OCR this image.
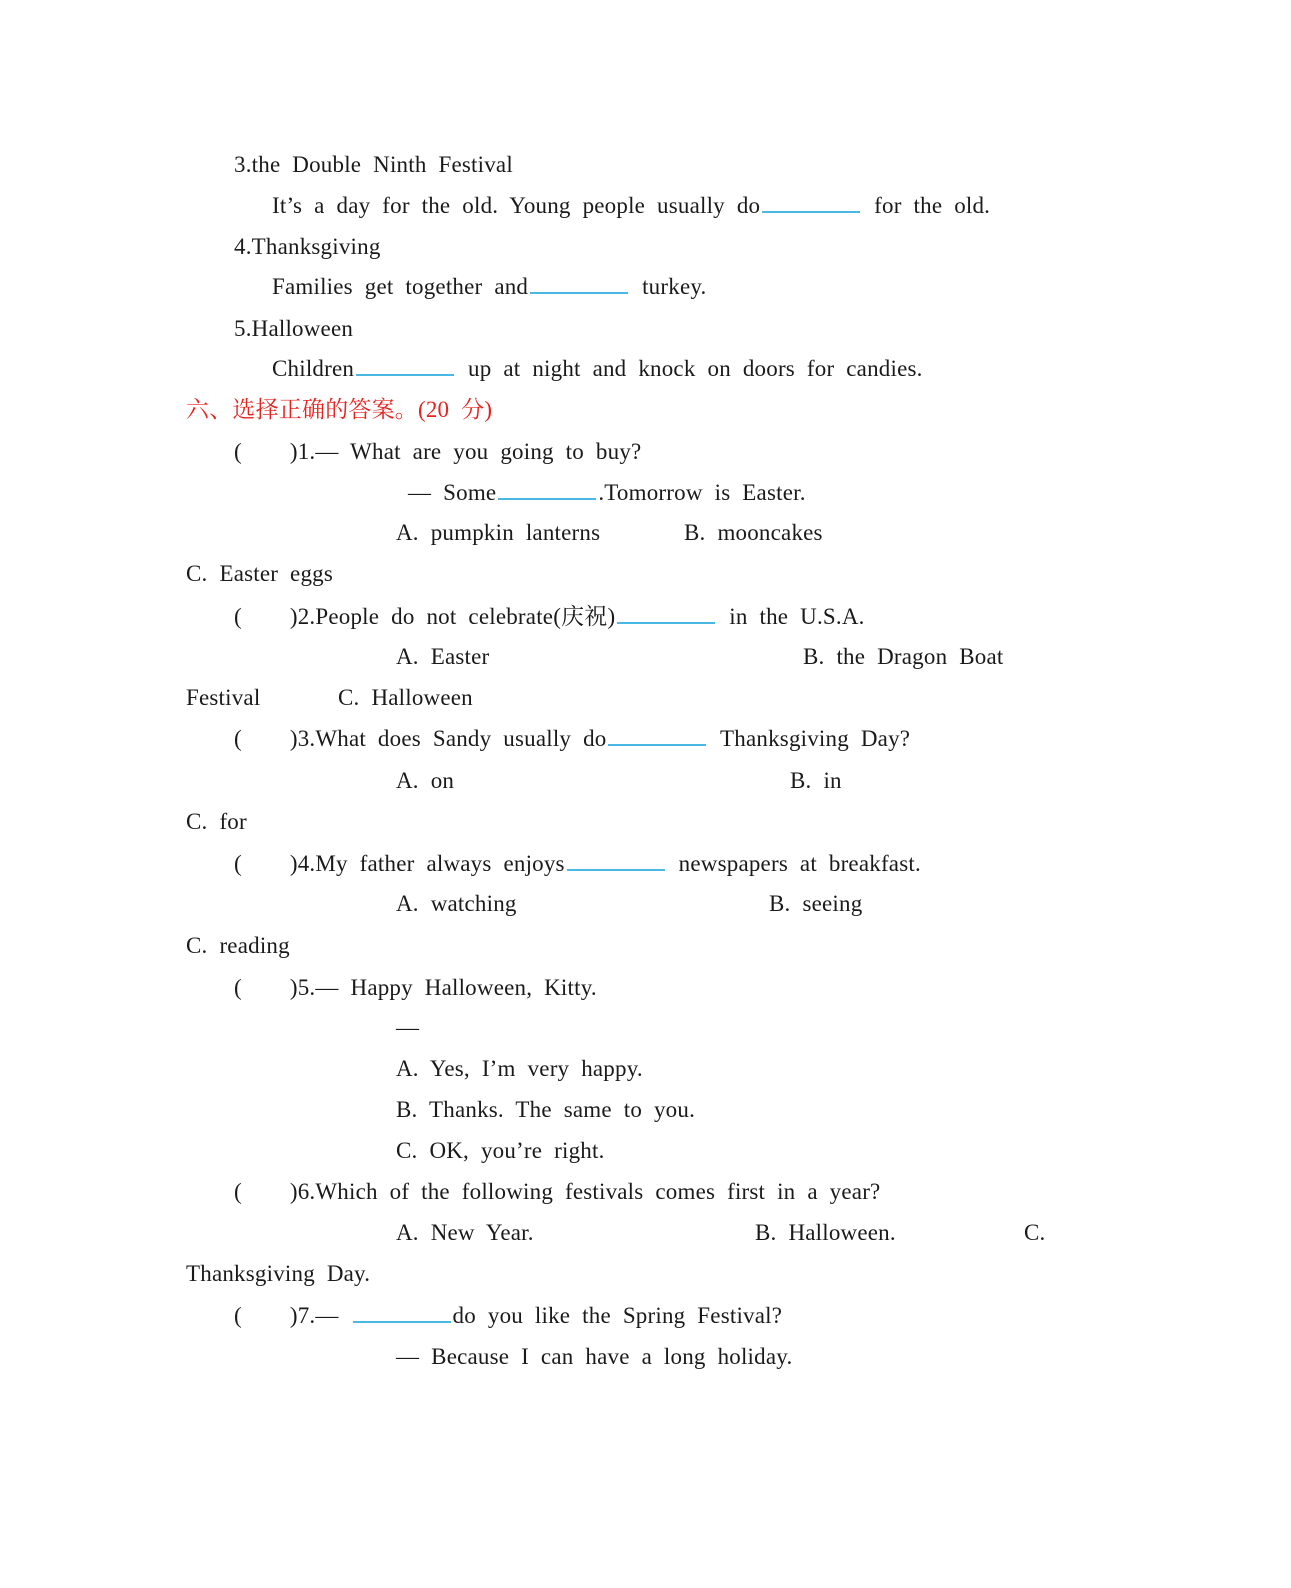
3.the Double Ninth Festival
It’s a day for the old. Young people usually do	for the old.
4.Thanksgiving
Families get together and	turkey.
5.Halloween
Children	up at night and knock on doors for candies.
六、选择正确的答案。(20 分)
( )1.— What are you going to buy?
— Some	.Tomorrow is Easter.
A. pumpkin lanterns	B. mooncakes
C. Easter eggs
( )2.People do not celebrate(庆祝)	in the U.S.A.
A. Easter	B. the Dragon Boat
Festival	C. Halloween
( )3.What does Sandy usually do	Thanksgiving Day?
A. on	B. in
C. for
( )4.My father always enjoys	newspapers at breakfast.
A. watching	B. seeing
C. reading
( )5.— Happy Halloween, Kitty.
—
A. Yes, I’m very happy.
B. Thanks. The same to you.
C. OK, you’re right.
( )6.Which of the following festivals comes first in a year?
A. New Year.	B. Halloween.	C.
Thanksgiving Day.
( )7.—	do you like the Spring Festival?
— Because I can have a long holiday.
